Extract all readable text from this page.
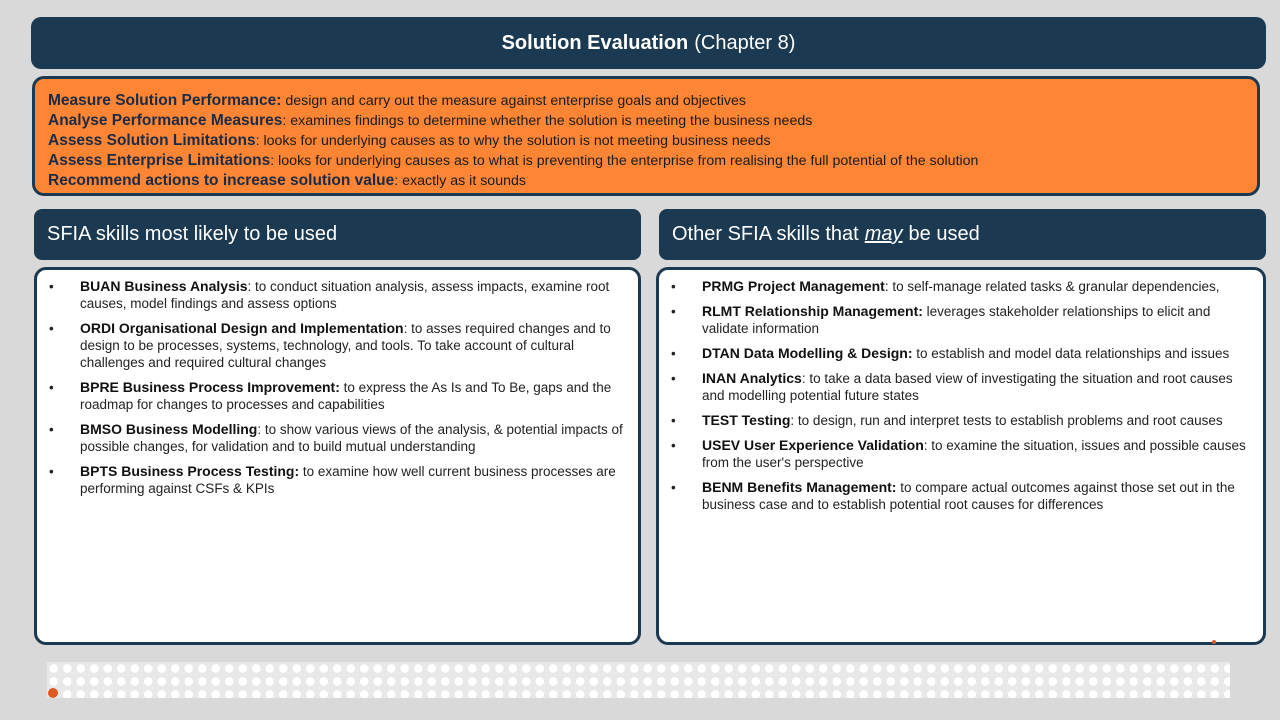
Solution Evaluation (Chapter 8)
Measure Solution Performance: design and carry out the measure against enterprise goals and objectives
Analyse Performance Measures: examines findings to determine whether the solution is meeting the business needs
Assess Solution Limitations: looks for underlying causes as to why the solution is not meeting business needs
Assess Enterprise Limitations: looks for underlying causes as to what is preventing the enterprise from realising the full potential of the solution
Recommend actions to increase solution value: exactly as it sounds
SFIA skills most likely to be used	Other SFIA skills that may be used
• BUAN Business Analysis: to conduct situation analysis, assess impacts, examine root causes, model findings and assess options
• ORDI Organisational Design and Implementation: to asses required changes and to design to be processes, systems, technology, and tools. To take account of cultural challenges and required cultural changes
• BPRE Business Process Improvement: to express the As Is and To Be, gaps and the roadmap for changes to processes and capabilities
• BMSO Business Modelling: to show various views of the analysis, & potential impacts of possible changes, for validation and to build mutual understanding
• BPTS Business Process Testing: to examine how well current business processes are performing against CSFs & KPIs
• PRMG Project Management: to self-manage related tasks & granular dependencies,
• RLMT Relationship Management: leverages stakeholder relationships to elicit and validate information
• DTAN Data Modelling & Design: to establish and model data relationships and issues
• INAN Analytics: to take a data based view of investigating the situation and root causes and modelling potential future states
• TEST Testing: to design, run and interpret tests to establish problems and root causes
• USEV User Experience Validation: to examine the situation, issues and possible causes from the user's perspective
• BENM Benefits Management: to compare actual outcomes against those set out in the business case and to establish potential root causes for differences
